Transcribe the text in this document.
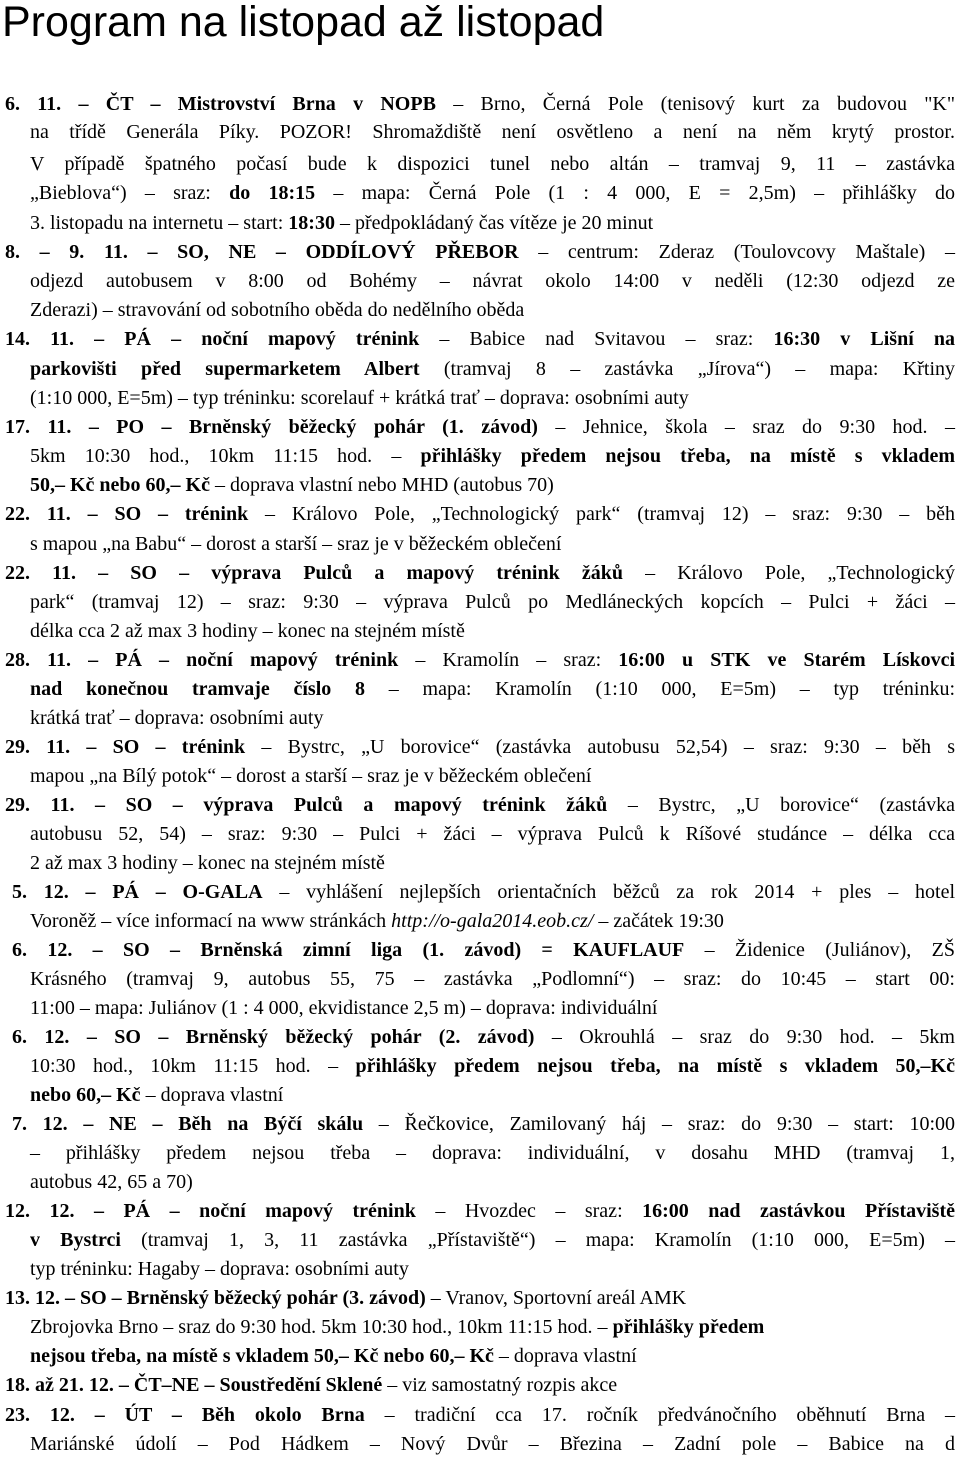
Program na listopad až listopad
6. 11. – ČT – Mistrovství Brna v NOPB – Brno, Černá Pole (tenisový kurt za budovou "K"
na třídě Generála Píky. POZOR! Shromaždiště není osvětleno a není na něm krytý prostor.
V případě špatného počasí bude k dispozici tunel nebo altán – tramvaj 9, 11 – zastávka
„Bieblova“) – sraz: do 18:15 – mapa: Černá Pole (1 : 4 000, E = 2,5m) – přihlášky do
3. listopadu na internetu – start: 18:30 – předpokládaný čas vítěze je 20 minut
8. – 9. 11. – SO, NE – ODDÍLOVÝ PŘEBOR – centrum: Zderaz (Toulovcovy Maštale) –
odjezd autobusem v 8:00 od Bohémy – návrat okolo 14:00 v neděli (12:30 odjezd ze
Zderazi) – stravování od sobotního oběda do nedělního oběda
14. 11. – PÁ – noční mapový trénink – Babice nad Svitavou – sraz: 16:30 v Lišní na
parkovišti před supermarketem Albert (tramvaj 8 – zastávka „Jírova“) – mapa: Křtiny
(1:10 000, E=5m) – typ tréninku: scorelauf + krátká trať – doprava: osobními auty
17. 11. – PO – Brněnský běžecký pohár (1. závod) – Jehnice, škola – sraz do 9:30 hod. –
5km 10:30 hod., 10km 11:15 hod. – přihlášky předem nejsou třeba, na místě s vkladem
50,– Kč nebo 60,– Kč – doprava vlastní nebo MHD (autobus 70)
22. 11. – SO – trénink – Královo Pole, „Technologický park“ (tramvaj 12) – sraz: 9:30 – běh
s mapou „na Babu“ – dorost a starší – sraz je v běžeckém oblečení
22. 11. – SO – výprava Pulců a mapový trénink žáků – Královo Pole, „Technologický
park“ (tramvaj 12) – sraz: 9:30 – výprava Pulců po Medláneckých kopcích – Pulci + žáci –
délka cca 2 až max 3 hodiny – konec na stejném místě
28. 11. – PÁ – noční mapový trénink – Kramolín – sraz: 16:00 u STK ve Starém Lískovci
nad konečnou tramvaje číslo 8 – mapa: Kramolín (1:10 000, E=5m) – typ tréninku:
krátká trať – doprava: osobními auty
29. 11. – SO – trénink – Bystrc, „U borovice“ (zastávka autobusu 52,54) – sraz: 9:30 – běh s
mapou „na Bílý potok“ – dorost a starší – sraz je v běžeckém oblečení
29. 11. – SO – výprava Pulců a mapový trénink žáků – Bystrc, „U borovice“ (zastávka
autobusu 52, 54) – sraz: 9:30 – Pulci + žáci – výprava Pulců k Ríšové studánce – délka cca
2 až max 3 hodiny – konec na stejném místě
5. 12. – PÁ – O-GALA – vyhlášení nejlepších orientačních běžců za rok 2014 + ples – hotel
Voroněž – více informací na www stránkách http://o-gala2014.eob.cz/ – začátek 19:30
6. 12. – SO – Brněnská zimní liga (1. závod) = KAUFLAUF – Židenice (Juliánov), ZŠ
Krásného (tramvaj 9, autobus 55, 75 – zastávka „Podlomní“) – sraz: do 10:45 – start 00:
11:00 – mapa: Juliánov (1 : 4 000, ekvidistance 2,5 m) – doprava: individuální
6. 12. – SO – Brněnský běžecký pohár (2. závod) – Okrouhlá – sraz do 9:30 hod. – 5km
10:30 hod., 10km 11:15 hod. – přihlášky předem nejsou třeba, na místě s vkladem 50,–Kč
nebo 60,– Kč – doprava vlastní
7. 12. – NE – Běh na Býčí skálu – Řečkovice, Zamilovaný háj – sraz: do 9:30 – start: 10:00
– přihlášky předem nejsou třeba – doprava: individuální, v dosahu MHD (tramvaj 1,
autobus 42, 65 a 70)
12. 12. – PÁ – noční mapový trénink – Hvozdec – sraz: 16:00 nad zastávkou Přístaviště
v Bystrci (tramvaj 1, 3, 11 zastávka „Přístaviště“) – mapa: Kramolín (1:10 000, E=5m) –
typ tréninku: Hagaby – doprava: osobními auty
13. 12. – SO – Brněnský běžecký pohár (3. závod) – Vranov, Sportovní areál AMK
Zbrojovka Brno – sraz do 9:30 hod. 5km 10:30 hod., 10km 11:15 hod. – přihlášky předem
nejsou třeba, na místě s vkladem 50,– Kč nebo 60,– Kč – doprava vlastní
18. až 21. 12. – ČT–NE – Soustředění Sklené – viz samostatný rozpis akce
23. 12. – ÚT – Běh okolo Brna – tradiční cca 17. ročník předvánočního oběhnutí Brna –
Mariánské údolí – Pod Hádkem – Nový Dvůr – Březina – Zadní pole – Babice na d
